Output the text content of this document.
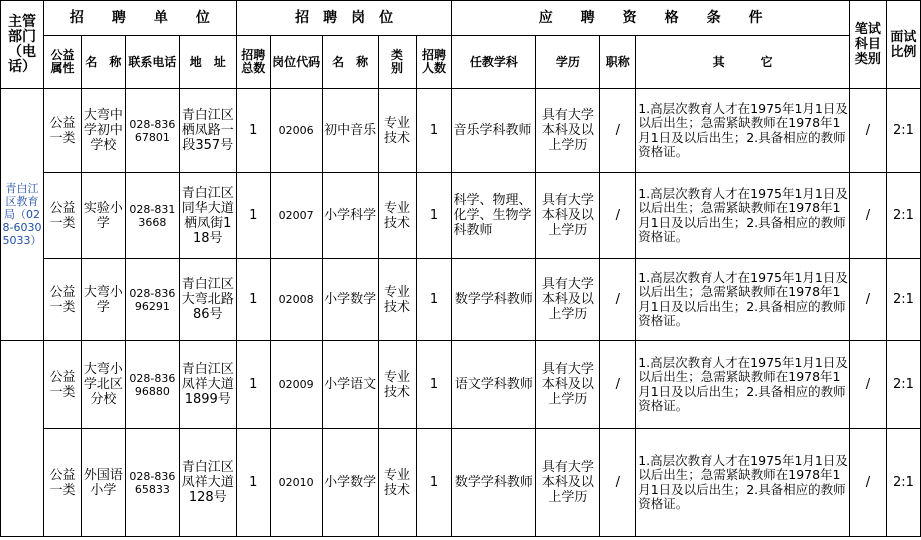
主管部门（电话）	招　　聘　　单　　位				招　聘　岗　位					应　　聘　　资　　格　　条　　件				笔试科目类别	面试比例
	公益属性	名　称	联系电话	地　址	招聘总数	岗位代码	名　称	类　别	招聘人数	任教学科	学历	职称	其　　　它		
青白江区教育局（028-60305033）	公益一类	大弯中学初中学校	028-83667801	青白江区栖凤路一段357号	1	02006	初中音乐	专业技术	1	音乐学科教师	具有大学本科及以上学历	/	1.高层次教育人才在1975年1月1日及以后出生；急需紧缺教师在1978年1月1日及以后出生；2.具备相应的教师资格证。	/	2:1
	公益一类	实验小学	028-8313668	青白江区同华大道栖凤街118号	1	02007	小学科学	专业技术	1	科学、物理、化学、生物学科教师	具有大学本科及以上学历	/	1.高层次教育人才在1975年1月1日及以后出生；急需紧缺教师在1978年1月1日及以后出生；2.具备相应的教师资格证。	/	2:1
	公益一类	大弯小学	028-83696291	青白江区大弯北路86号	1	02008	小学数学	专业技术	1	数学学科教师	具有大学本科及以上学历	/	1.高层次教育人才在1975年1月1日及以后出生；急需紧缺教师在1978年1月1日及以后出生；2.具备相应的教师资格证。	/	2:1
	公益一类	大弯小学北区分校	028-83696880	青白江区凤祥大道1899号	1	02009	小学语文	专业技术	1	语文学科教师	具有大学本科及以上学历	/	1.高层次教育人才在1975年1月1日及以后出生；急需紧缺教师在1978年1月1日及以后出生；2.具备相应的教师资格证。	/	2:1
	公益一类	外国语小学	028-83665833	青白江区凤祥大道128号	1	02010	小学数学	专业技术	1	数学学科教师	具有大学本科及以上学历	/	1.高层次教育人才在1975年1月1日及以后出生；急需紧缺教师在1978年1月1日及以后出生；2.具备相应的教师资格证。	/	2:1
